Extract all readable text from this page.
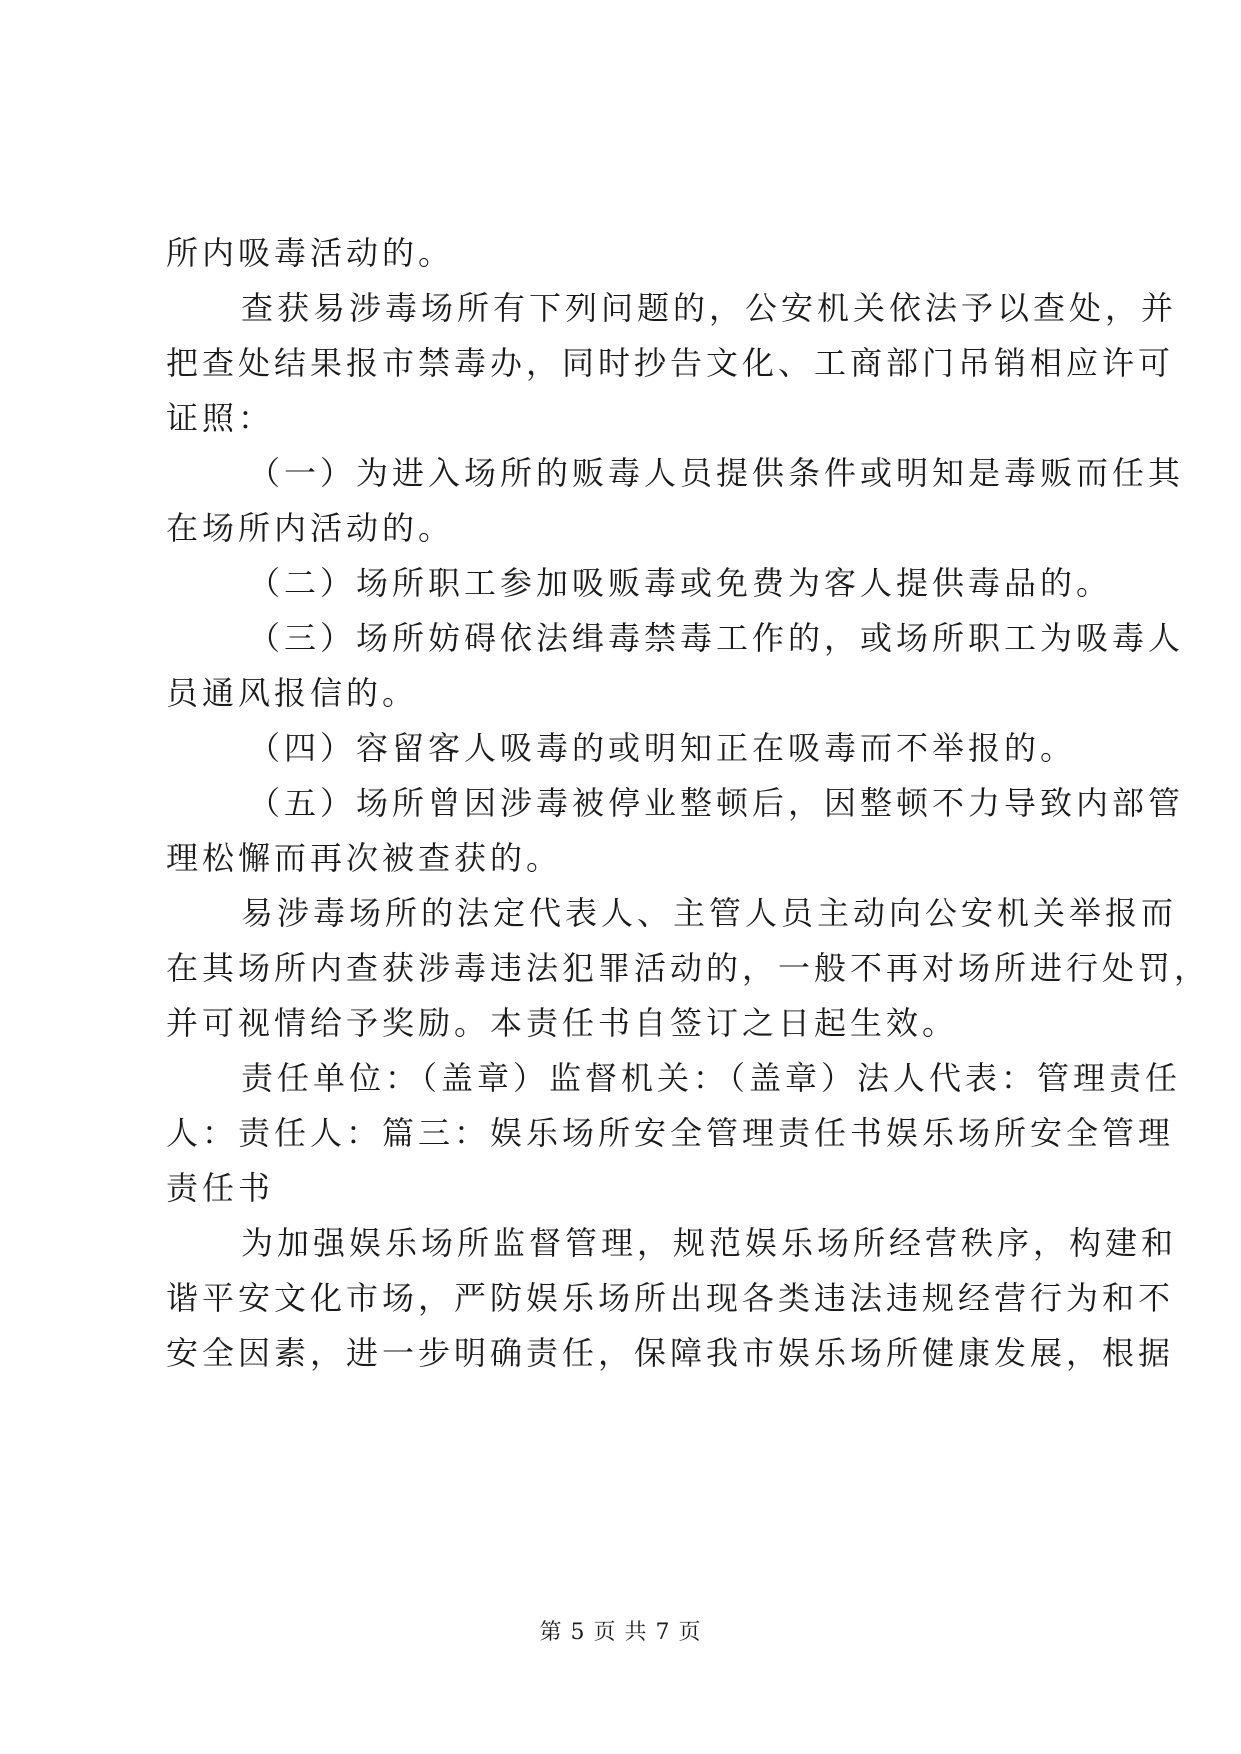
所内吸毒活动的。
查获易涉毒场所有下列问题的，公安机关依法予以查处，并
把查处结果报市禁毒办，同时抄告文化、工商部门吊销相应许可
证照：
（一）为进入场所的贩毒人员提供条件或明知是毒贩而任其
在场所内活动的。
（二）场所职工参加吸贩毒或免费为客人提供毒品的。
（三）场所妨碍依法缉毒禁毒工作的，或场所职工为吸毒人
员通风报信的。
（四）容留客人吸毒的或明知正在吸毒而不举报的。
（五）场所曾因涉毒被停业整顿后，因整顿不力导致内部管
理松懈而再次被查获的。
易涉毒场所的法定代表人、主管人员主动向公安机关举报而
在其场所内查获涉毒违法犯罪活动的，一般不再对场所进行处罚，
并可视情给予奖励。本责任书自签订之日起生效。
责任单位：（盖章）监督机关：（盖章）法人代表：管理责任
人：责任人：篇三：娱乐场所安全管理责任书娱乐场所安全管理
责任书
为加强娱乐场所监督管理，规范娱乐场所经营秩序，构建和
谐平安文化市场，严防娱乐场所出现各类违法违规经营行为和不
安全因素，进一步明确责任，保障我市娱乐场所健康发展，根据
第 5 页 共 7 页
